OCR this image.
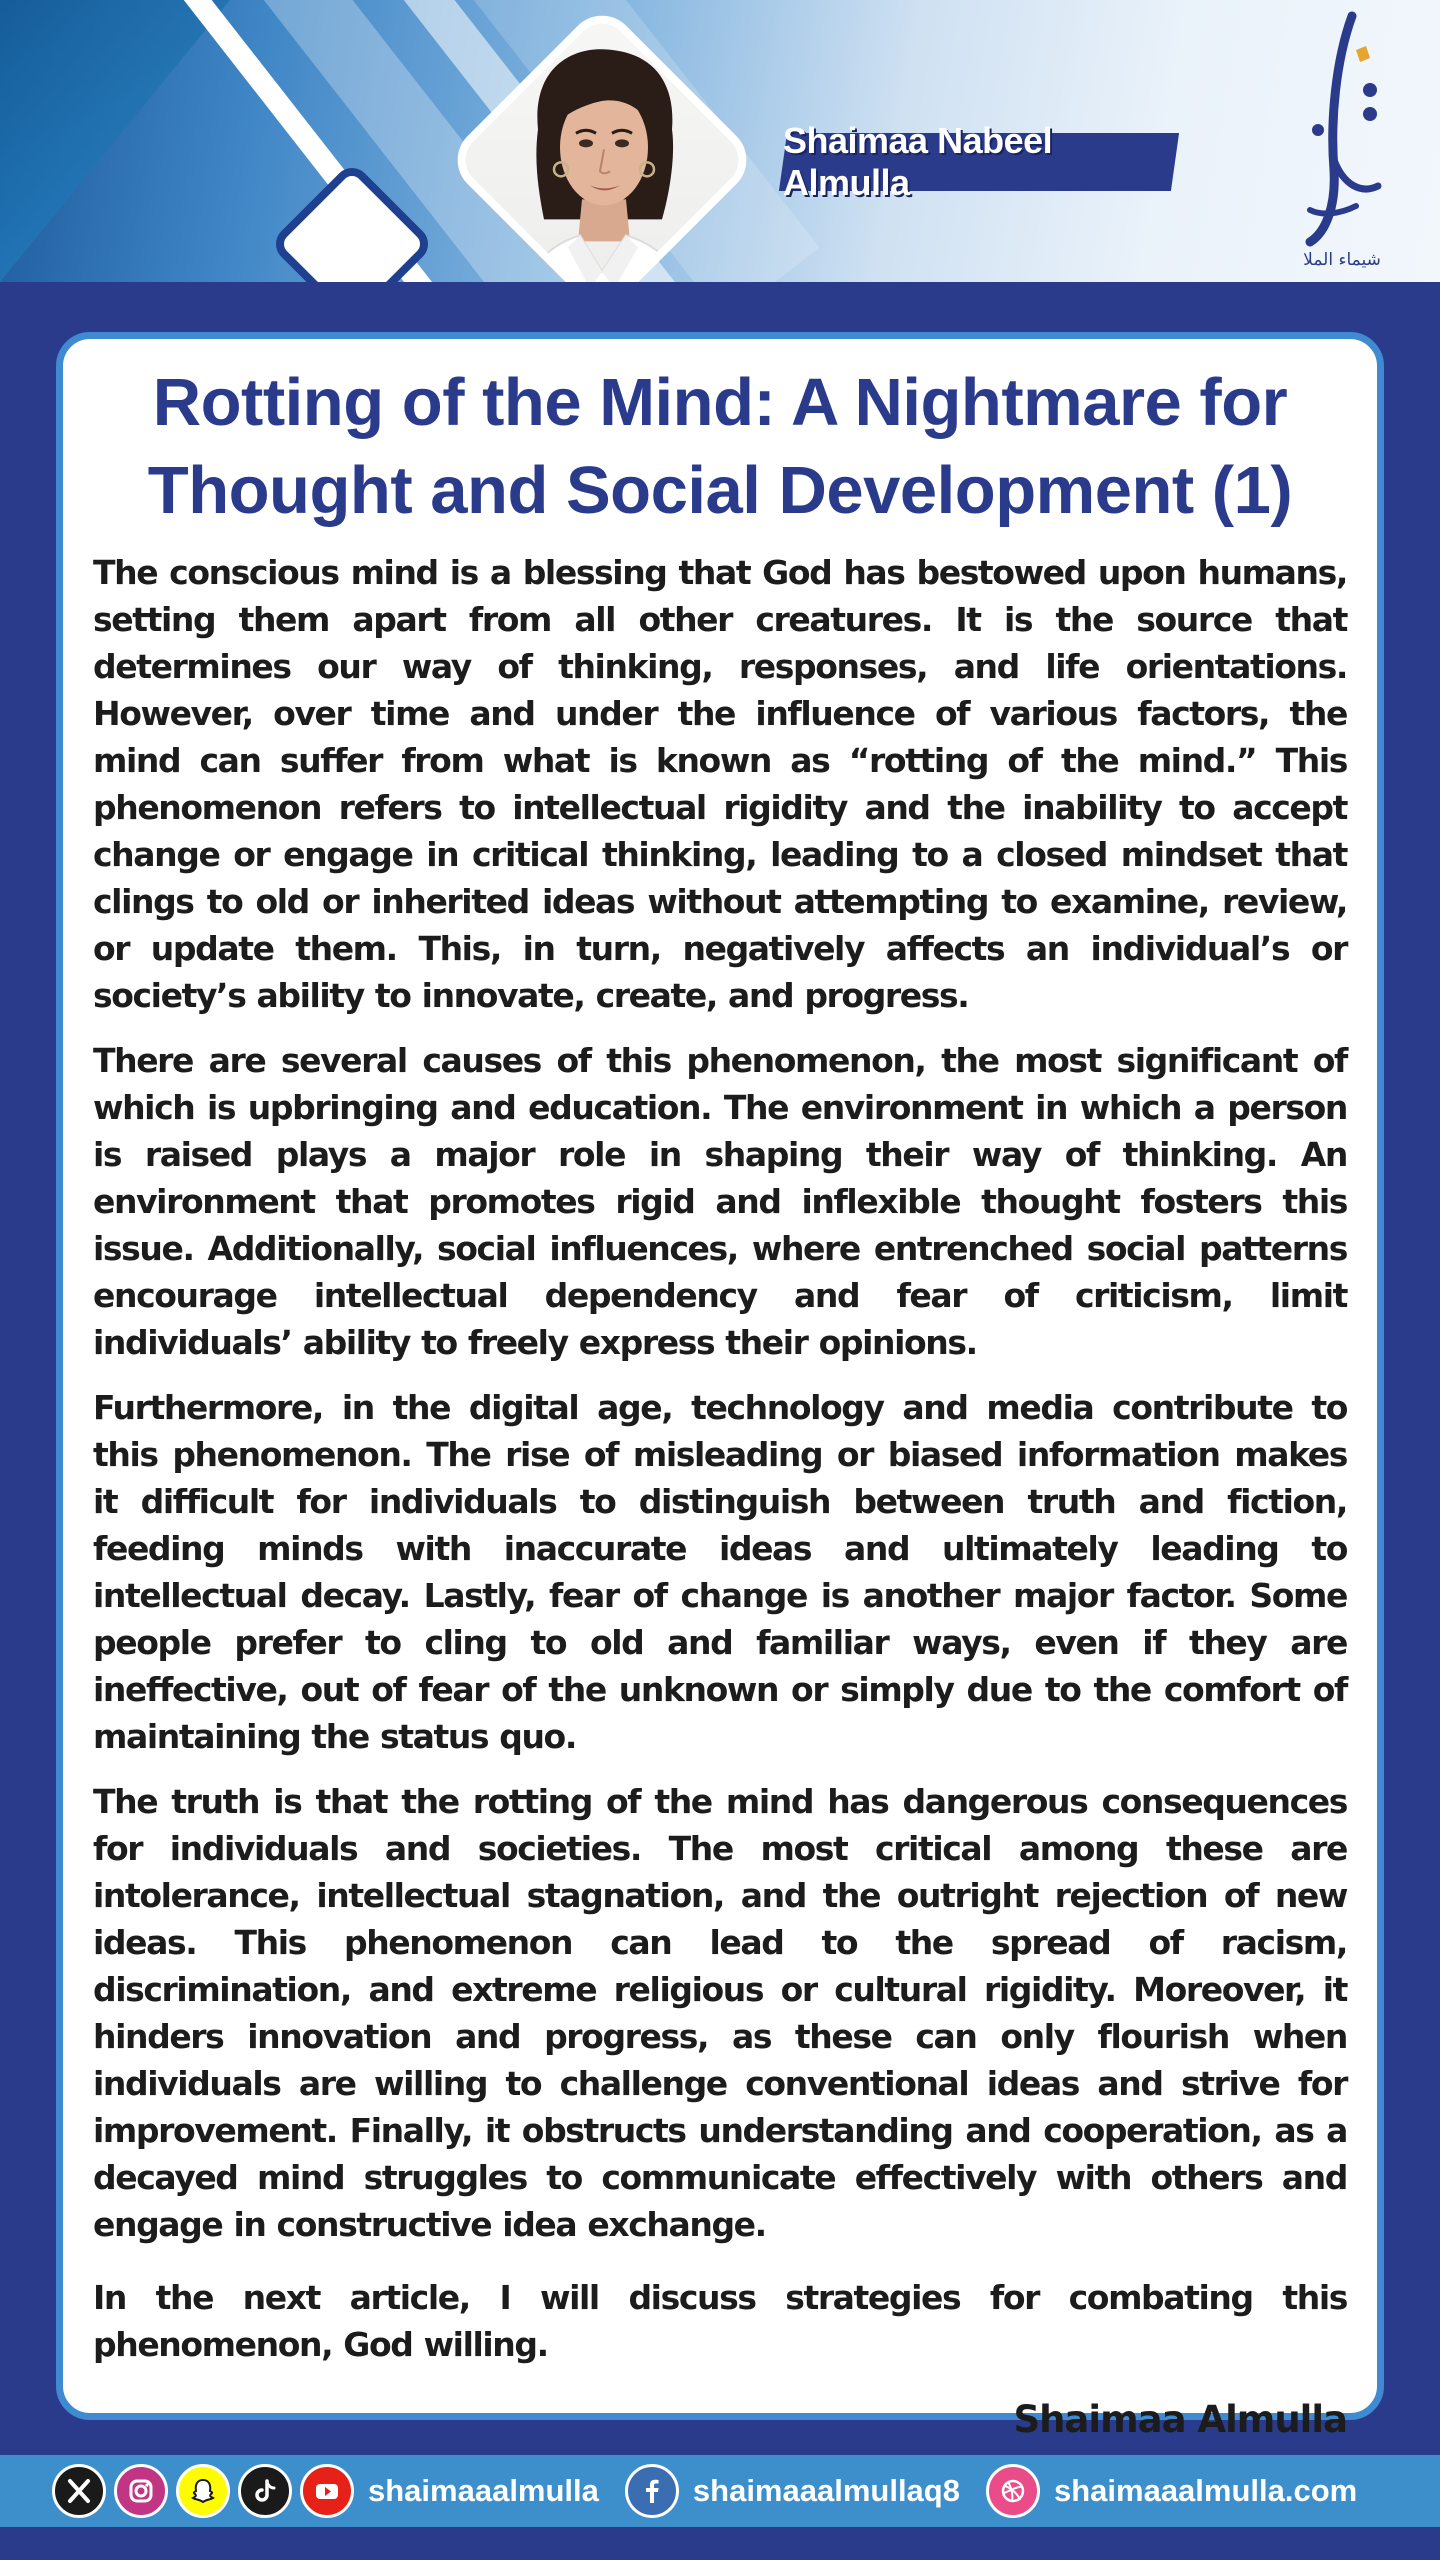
Shaimaa Nabeel Almulla
شيماء الملا
Rotting of the Mind: A Nightmare for Thought and Social Development (1)

The conscious mind is a blessing that God has bestowed upon humans, setting them apart from all other creatures. It is the source that determines our way of thinking, responses, and life orientations. However, over time and under the influence of various factors, the mind can suffer from what is known as “rotting of the mind.” This phenomenon refers to intellectual rigidity and the inability to accept change or engage in critical thinking, leading to a closed mindset that clings to old or inherited ideas without attempting to examine, review, or update them. This, in turn, negatively affects an individual’s or society’s ability to innovate, create, and progress.

There are several causes of this phenomenon, the most significant of which is upbringing and education. The environment in which a person is raised plays a major role in shaping their way of thinking. An environment that promotes rigid and inflexible thought fosters this issue. Additionally, social influences, where entrenched social patterns encourage intellectual dependency and fear of criticism, limit individuals’ ability to freely express their opinions.

Furthermore, in the digital age, technology and media contribute to this phenomenon. The rise of misleading or biased information makes it difficult for individuals to distinguish between truth and fiction, feeding minds with inaccurate ideas and ultimately leading to intellectual decay. Lastly, fear of change is another major factor. Some people prefer to cling to old and familiar ways, even if they are ineffective, out of fear of the unknown or simply due to the comfort of maintaining the status quo.

The truth is that the rotting of the mind has dangerous consequences for individuals and societies. The most critical among these are intolerance, intellectual stagnation, and the outright rejection of new ideas. This phenomenon can lead to the spread of racism, discrimination, and extreme religious or cultural rigidity. Moreover, it hinders innovation and progress, as these can only flourish when individuals are willing to challenge conventional ideas and strive for improvement. Finally, it obstructs understanding and cooperation, as a decayed mind struggles to communicate effectively with others and engage in constructive idea exchange.

In the next article, I will discuss strategies for combating this phenomenon, God willing.

Shaimaa Almulla
shaimaaalmulla	shaimaaalmullaq8	shaimaaalmulla.com
